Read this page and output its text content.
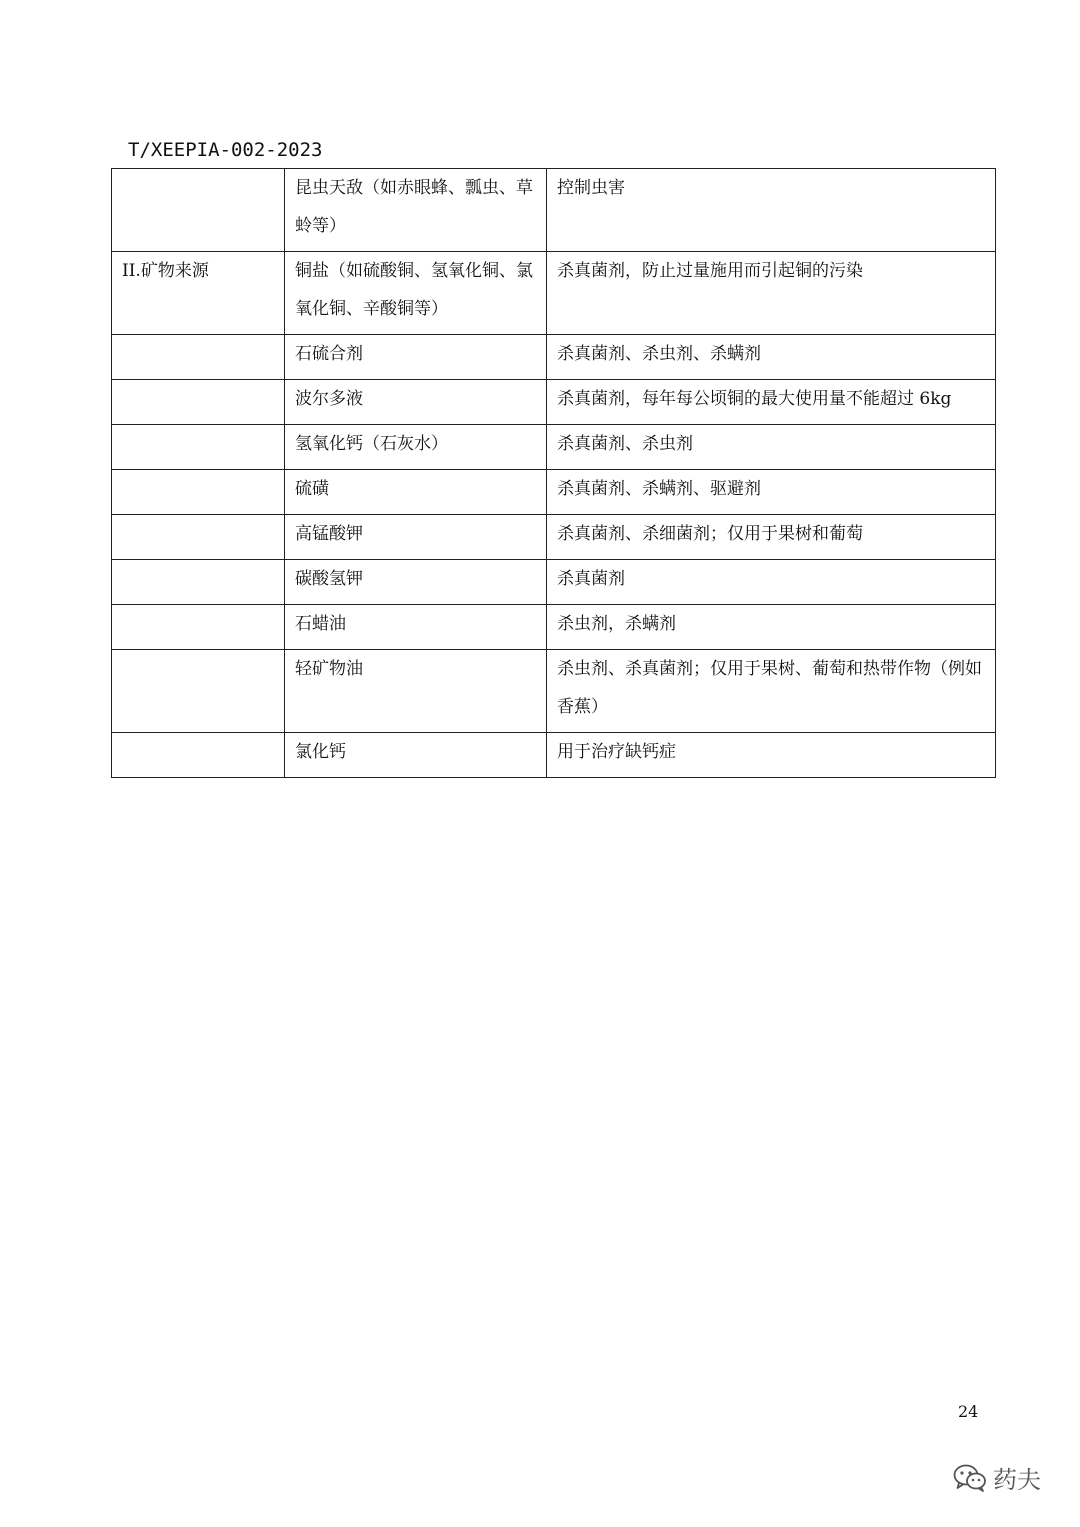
T/XEEPIA-002-2023

	昆虫天敌（如赤眼蜂、瓢虫、草蛉等）	控制虫害

II.矿物来源	铜盐（如硫酸铜、氢氧化铜、氯氧化铜、辛酸铜等）	杀真菌剂，防止过量施用而引起铜的污染

	石硫合剂	杀真菌剂、杀虫剂、杀螨剂

	波尔多液	杀真菌剂，每年每公顷铜的最大使用量不能超过 6kg

	氢氧化钙（石灰水）	杀真菌剂、杀虫剂

	硫磺	杀真菌剂、杀螨剂、驱避剂

	高锰酸钾	杀真菌剂、杀细菌剂；仅用于果树和葡萄

	碳酸氢钾	杀真菌剂

	石蜡油	杀虫剂，杀螨剂

	轻矿物油	杀虫剂、杀真菌剂；仅用于果树、葡萄和热带作物（例如香蕉）

	氯化钙	用于治疗缺钙症
24
药夫
